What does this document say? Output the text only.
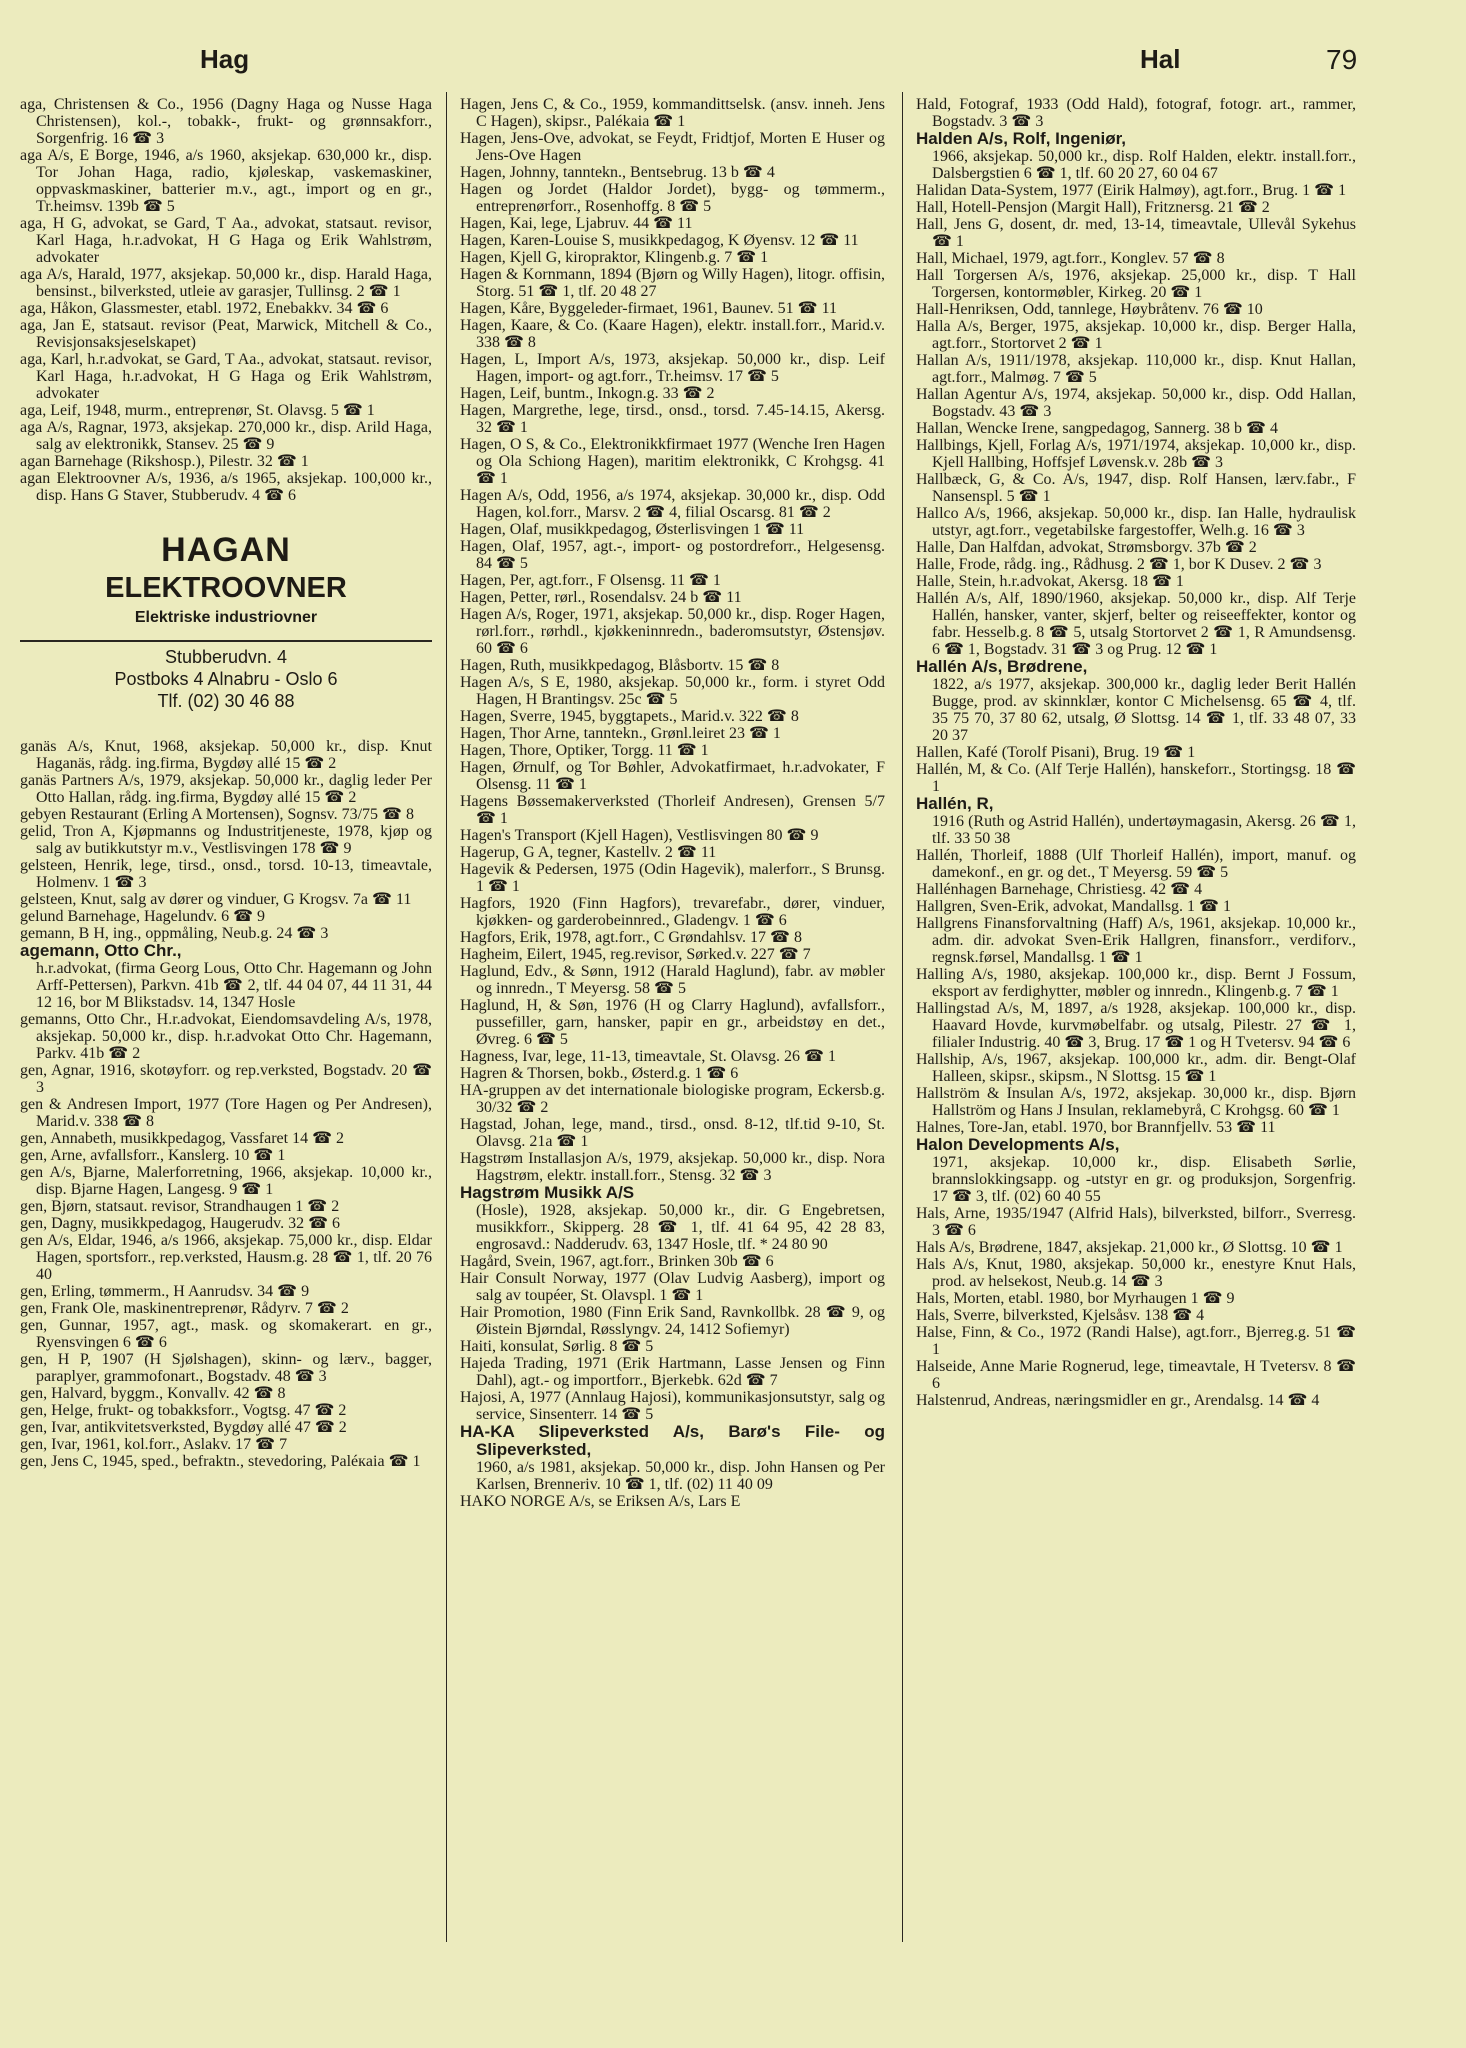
Hag	Hal	79
aga, Christensen & Co., 1956 (Dagny Haga og Nusse Haga Christensen), kol.-, tobakk-, frukt- og grønnsakforr., Sorgenfrig. 16 ☎ 3
aga A/s, E Borge, 1946, a/s 1960, aksjekap. 630,000 kr., disp. Tor Johan Haga, radio, kjøleskap, vaskemaskiner, oppvaskmaskiner, batterier m.v., agt., import og en gr., Tr.heimsv. 139b ☎ 5
aga, H G, advokat, se Gard, T Aa., advokat, statsaut. revisor, Karl Haga, h.r.advokat, H G Haga og Erik Wahlstrøm, advokater
aga A/s, Harald, 1977, aksjekap. 50,000 kr., disp. Harald Haga, bensinst., bilverksted, utleie av garasjer, Tullinsg. 2 ☎ 1
aga, Håkon, Glassmester, etabl. 1972, Enebakkv. 34 ☎ 6
aga, Jan E, statsaut. revisor (Peat, Marwick, Mitchell & Co., Revisjonsaksjeselskapet)
aga, Karl, h.r.advokat, se Gard, T Aa., advokat, statsaut. revisor, Karl Haga, h.r.advokat, H G Haga og Erik Wahlstrøm, advokater
aga, Leif, 1948, murm., entreprenør, St. Olavsg. 5 ☎ 1
aga A/s, Ragnar, 1973, aksjekap. 270,000 kr., disp. Arild Haga, salg av elektronikk, Stansev. 25 ☎ 9
agan Barnehage (Rikshosp.), Pilestr. 32 ☎ 1
agan Elektroovner A/s, 1936, a/s 1965, aksjekap. 100,000 kr., disp. Hans G Staver, Stubberudv. 4 ☎ 6
HAGAN
ELEKTROOVNER
Elektriske industriovner
Stubberudvn. 4
Postboks 4 Alnabru - Oslo 6
Tlf. (02) 30 46 88
ganäs A/s, Knut, 1968, aksjekap. 50,000 kr., disp. Knut Haganäs, rådg. ing.firma, Bygdøy allé 15 ☎ 2
ganäs Partners A/s, 1979, aksjekap. 50,000 kr., daglig leder Per Otto Hallan, rådg. ing.firma, Bygdøy allé 15 ☎ 2
gebyen Restaurant (Erling A Mortensen), Sognsv. 73/75 ☎ 8
gelid, Tron A, Kjøpmanns og Industritjeneste, 1978, kjøp og salg av butikkutstyr m.v., Vestlisvingen 178 ☎ 9
gelsteen, Henrik, lege, tirsd., onsd., torsd. 10-13, timeavtale, Holmenv. 1 ☎ 3
gelsteen, Knut, salg av dører og vinduer, G Krogsv. 7a ☎ 11
gelund Barnehage, Hagelundv. 6 ☎ 9
gemann, B H, ing., oppmåling, Neub.g. 24 ☎ 3
agemann, Otto Chr.,
h.r.advokat, (firma Georg Lous, Otto Chr. Hagemann og John Arff-Pettersen), Parkvn. 41b ☎ 2, tlf. 44 04 07, 44 11 31, 44 12 16, bor M Blikstadsv. 14, 1347 Hosle
gemanns, Otto Chr., H.r.advokat, Eiendomsavdeling A/s, 1978, aksjekap. 50,000 kr., disp. h.r.advokat Otto Chr. Hagemann, Parkv. 41b ☎ 2
gen, Agnar, 1916, skotøyforr. og rep.verksted, Bogstadv. 20 ☎ 3
gen & Andresen Import, 1977 (Tore Hagen og Per Andresen), Marid.v. 338 ☎ 8
gen, Annabeth, musikkpedagog, Vassfaret 14 ☎ 2
gen, Arne, avfallsforr., Kanslerg. 10 ☎ 1
gen A/s, Bjarne, Malerforretning, 1966, aksjekap. 10,000 kr., disp. Bjarne Hagen, Langesg. 9 ☎ 1
gen, Bjørn, statsaut. revisor, Strandhaugen 1 ☎ 2
gen, Dagny, musikkpedagog, Haugerudv. 32 ☎ 6
gen A/s, Eldar, 1946, a/s 1966, aksjekap. 75,000 kr., disp. Eldar Hagen, sportsforr., rep.verksted, Hausm.g. 28 ☎ 1, tlf. 20 76 40
gen, Erling, tømmerm., H Aanrudsv. 34 ☎ 9
gen, Frank Ole, maskinentreprenør, Rådyrv. 7 ☎ 2
gen, Gunnar, 1957, agt., mask. og skomakerart. en gr., Ryensvingen 6 ☎ 6
gen, H P, 1907 (H Sjølshagen), skinn- og lærv., bagger, paraplyer, grammofonart., Bogstadv. 48 ☎ 3
gen, Halvard, byggm., Konvallv. 42 ☎ 8
gen, Helge, frukt- og tobakksforr., Vogtsg. 47 ☎ 2
gen, Ivar, antikvitetsverksted, Bygdøy allé 47 ☎ 2
gen, Ivar, 1961, kol.forr., Aslakv. 17 ☎ 7
gen, Jens C, 1945, sped., befraktn., stevedoring, Paléкaia ☎ 1
Hagen, Jens C, & Co., 1959, kommandittselsk. (ansv. inneh. Jens C Hagen), skipsr., Palékaia ☎ 1
Hagen, Jens-Ove, advokat, se Feydt, Fridtjof, Morten E Huser og Jens-Ove Hagen
Hagen, Johnny, tanntekn., Bentsebrug. 13 b ☎ 4
Hagen og Jordet (Haldor Jordet), bygg- og tømmerm., entreprenørforr., Rosenhoffg. 8 ☎ 5
Hagen, Kai, lege, Ljabruv. 44 ☎ 11
Hagen, Karen-Louise S, musikkpedagog, K Øyensv. 12 ☎ 11
Hagen, Kjell G, kiropraktor, Klingenb.g. 7 ☎ 1
Hagen & Kornmann, 1894 (Bjørn og Willy Hagen), litogr. offisin, Storg. 51 ☎ 1, tlf. 20 48 27
Hagen, Kåre, Byggeleder-firmaet, 1961, Baunev. 51 ☎ 11
Hagen, Kaare, & Co. (Kaare Hagen), elektr. install.forr., Marid.v. 338 ☎ 8
Hagen, L, Import A/s, 1973, aksjekap. 50,000 kr., disp. Leif Hagen, import- og agt.forr., Tr.heimsv. 17 ☎ 5
Hagen, Leif, buntm., Inkogn.g. 33 ☎ 2
Hagen, Margrethe, lege, tirsd., onsd., torsd. 7.45-14.15, Akersg. 32 ☎ 1
Hagen, O S, & Co., Elektronikkfirmaet 1977 (Wenche Iren Hagen og Ola Schiong Hagen), maritim elektronikk, C Krohgsg. 41 ☎ 1
Hagen A/s, Odd, 1956, a/s 1974, aksjekap. 30,000 kr., disp. Odd Hagen, kol.forr., Marsv. 2 ☎ 4, filial Oscarsg. 81 ☎ 2
Hagen, Olaf, musikkpedagog, Østerlisvingen 1 ☎ 11
Hagen, Olaf, 1957, agt.-, import- og postordreforr., Helgesensg. 84 ☎ 5
Hagen, Per, agt.forr., F Olsensg. 11 ☎ 1
Hagen, Petter, rørl., Rosendalsv. 24 b ☎ 11
Hagen A/s, Roger, 1971, aksjekap. 50,000 kr., disp. Roger Hagen, rørl.forr., rørhdl., kjøkkeninnredn., baderomsutstyr, Østensjøv. 60 ☎ 6
Hagen, Ruth, musikkpedagog, Blåsbortv. 15 ☎ 8
Hagen A/s, S E, 1980, aksjekap. 50,000 kr., form. i styret Odd Hagen, H Brantingsv. 25c ☎ 5
Hagen, Sverre, 1945, byggtapets., Marid.v. 322 ☎ 8
Hagen, Thor Arne, tanntekn., Grønl.leiret 23 ☎ 1
Hagen, Thore, Optiker, Torgg. 11 ☎ 1
Hagen, Ørnulf, og Tor Bøhler, Advokatfirmaet, h.r.advokater, F Olsensg. 11 ☎ 1
Hagens Bøssemakerverksted (Thorleif Andresen), Grensen 5/7 ☎ 1
Hagen's Transport (Kjell Hagen), Vestlisvingen 80 ☎ 9
Hagerup, G A, tegner, Kastellv. 2 ☎ 11
Hagevik & Pedersen, 1975 (Odin Hagevik), malerforr., S Brunsg. 1 ☎ 1
Hagfors, 1920 (Finn Hagfors), trevarefabr., dører, vinduer, kjøkken- og garderobeinnred., Gladengv. 1 ☎ 6
Hagfors, Erik, 1978, agt.forr., C Grøndahlsv. 17 ☎ 8
Hagheim, Eilert, 1945, reg.revisor, Sørked.v. 227 ☎ 7
Haglund, Edv., & Sønn, 1912 (Harald Haglund), fabr. av møbler og innredn., T Meyersg. 58 ☎ 5
Haglund, H, & Søn, 1976 (H og Clarry Haglund), avfallsforr., pussefiller, garn, hansker, papir en gr., arbeidstøy en det., Øvreg. 6 ☎ 5
Hagness, Ivar, lege, 11-13, timeavtale, St. Olavsg. 26 ☎ 1
Hagren & Thorsen, bokb., Østerd.g. 1 ☎ 6
HA-gruppen av det internationale biologiske program, Eckersb.g. 30/32 ☎ 2
Hagstad, Johan, lege, mand., tirsd., onsd. 8-12, tlf.tid 9-10, St. Olavsg. 21a ☎ 1
Hagstrøm Installasjon A/s, 1979, aksjekap. 50,000 kr., disp. Nora Hagstrøm, elektr. install.forr., Stensg. 32 ☎ 3
Hagstrøm Musikk A/S
(Hosle), 1928, aksjekap. 50,000 kr., dir. G Engebretsen, musikkforr., Skipperg. 28 ☎ 1, tlf. 41 64 95, 42 28 83, engrosavd.: Nadderudv. 63, 1347 Hosle, tlf. * 24 80 90
Hagård, Svein, 1967, agt.forr., Brinken 30b ☎ 6
Hair Consult Norway, 1977 (Olav Ludvig Aasberg), import og salg av toupéer, St. Olavspl. 1 ☎ 1
Hair Promotion, 1980 (Finn Erik Sand, Ravnkollbk. 28 ☎ 9, og Øistein Bjørndal, Røsslyngv. 24, 1412 Sofiemyr)
Haiti, konsulat, Sørlig. 8 ☎ 5
Hajeda Trading, 1971 (Erik Hartmann, Lasse Jensen og Finn Dahl), agt.- og importforr., Bjerkebk. 62d ☎ 7
Hajosi, A, 1977 (Annlaug Hajosi), kommunikasjonsutstyr, salg og service, Sinsenterr. 14 ☎ 5
HA-KA Slipeverksted A/s, Barø's File- og Slipeverksted,
1960, a/s 1981, aksjekap. 50,000 kr., disp. John Hansen og Per Karlsen, Brenneriv. 10 ☎ 1, tlf. (02) 11 40 09
HAKO NORGE A/s, se Eriksen A/s, Lars E
Hald, Fotograf, 1933 (Odd Hald), fotograf, fotogr. art., rammer, Bogstadv. 3 ☎ 3
Halden A/s, Rolf, Ingeniør,
1966, aksjekap. 50,000 kr., disp. Rolf Halden, elektr. install.forr., Dalsbergstien 6 ☎ 1, tlf. 60 20 27, 60 04 67
Halidan Data-System, 1977 (Eirik Halmøy), agt.forr., Brug. 1 ☎ 1
Hall, Hotell-Pensjon (Margit Hall), Fritznersg. 21 ☎ 2
Hall, Jens G, dosent, dr. med, 13-14, timeavtale, Ullevål Sykehus ☎ 1
Hall, Michael, 1979, agt.forr., Konglev. 57 ☎ 8
Hall Torgersen A/s, 1976, aksjekap. 25,000 kr., disp. T Hall Torgersen, kontormøbler, Kirkeg. 20 ☎ 1
Hall-Henriksen, Odd, tannlege, Høybråtenv. 76 ☎ 10
Halla A/s, Berger, 1975, aksjekap. 10,000 kr., disp. Berger Halla, agt.forr., Stortorvet 2 ☎ 1
Hallan A/s, 1911/1978, aksjekap. 110,000 kr., disp. Knut Hallan, agt.forr., Malmøg. 7 ☎ 5
Hallan Agentur A/s, 1974, aksjekap. 50,000 kr., disp. Odd Hallan, Bogstadv. 43 ☎ 3
Hallan, Wencke Irene, sangpedagog, Sannerg. 38 b ☎ 4
Hallbings, Kjell, Forlag A/s, 1971/1974, aksjekap. 10,000 kr., disp. Kjell Hallbing, Hoffsjef Løvensk.v. 28b ☎ 3
Hallbæck, G, & Co. A/s, 1947, disp. Rolf Hansen, lærv.fabr., F Nansenspl. 5 ☎ 1
Hallco A/s, 1966, aksjekap. 50,000 kr., disp. Ian Halle, hydraulisk utstyr, agt.forr., vegetabilske fargestoffer, Welh.g. 16 ☎ 3
Halle, Dan Halfdan, advokat, Strømsborgv. 37b ☎ 2
Halle, Frode, rådg. ing., Rådhusg. 2 ☎ 1, bor K Dusev. 2 ☎ 3
Halle, Stein, h.r.advokat, Akersg. 18 ☎ 1
Hallén A/s, Alf, 1890/1960, aksjekap. 50,000 kr., disp. Alf Terje Hallén, hansker, vanter, skjerf, belter og reiseeffekter, kontor og fabr. Hesselb.g. 8 ☎ 5, utsalg Stortorvet 2 ☎ 1, R Amundsensg. 6 ☎ 1, Bogstadv. 31 ☎ 3 og Prug. 12 ☎ 1
Hallén A/s, Brødrene,
1822, a/s 1977, aksjekap. 300,000 kr., daglig leder Berit Hallén Bugge, prod. av skinnklær, kontor C Michelsensg. 65 ☎ 4, tlf. 35 75 70, 37 80 62, utsalg, Ø Slottsg. 14 ☎ 1, tlf. 33 48 07, 33 20 37
Hallen, Kafé (Torolf Pisani), Brug. 19 ☎ 1
Hallén, M, & Co. (Alf Terje Hallén), hanskeforr., Stortingsg. 18 ☎ 1
Hallén, R,
1916 (Ruth og Astrid Hallén), undertøymagasin, Akersg. 26 ☎ 1, tlf. 33 50 38
Hallén, Thorleif, 1888 (Ulf Thorleif Hallén), import, manuf. og damekonf., en gr. og det., T Meyersg. 59 ☎ 5
Hallénhagen Barnehage, Christiesg. 42 ☎ 4
Hallgren, Sven-Erik, advokat, Mandallsg. 1 ☎ 1
Hallgrens Finansforvaltning (Haff) A/s, 1961, aksjekap. 10,000 kr., adm. dir. advokat Sven-Erik Hallgren, finansforr., verdiforv., regnsk.førsel, Mandallsg. 1 ☎ 1
Halling A/s, 1980, aksjekap. 100,000 kr., disp. Bernt J Fossum, eksport av ferdighytter, møbler og innredn., Klingenb.g. 7 ☎ 1
Hallingstad A/s, M, 1897, a/s 1928, aksjekap. 100,000 kr., disp. Haavard Hovde, kurvmøbelfabr. og utsalg, Pilestr. 27 ☎ 1, filialer Industrig. 40 ☎ 3, Brug. 17 ☎ 1 og H Tvetersv. 94 ☎ 6
Hallship, A/s, 1967, aksjekap. 100,000 kr., adm. dir. Bengt-Olaf Halleen, skipsr., skipsm., N Slottsg. 15 ☎ 1
Hallström & Insulan A/s, 1972, aksjekap. 30,000 kr., disp. Bjørn Hallström og Hans J Insulan, reklamebyrå, C Krohgsg. 60 ☎ 1
Halnes, Tore-Jan, etabl. 1970, bor Brannfjellv. 53 ☎ 11
Halon Developments A/s,
1971, aksjekap. 10,000 kr., disp. Elisabeth Sørlie, brannslokkingsapp. og -utstyr en gr. og produksjon, Sorgenfrig. 17 ☎ 3, tlf. (02) 60 40 55
Hals, Arne, 1935/1947 (Alfrid Hals), bilverksted, bilforr., Sverresg. 3 ☎ 6
Hals A/s, Brødrene, 1847, aksjekap. 21,000 kr., Ø Slottsg. 10 ☎ 1
Hals A/s, Knut, 1980, aksjekap. 50,000 kr., enestyre Knut Hals, prod. av helsekost, Neub.g. 14 ☎ 3
Hals, Morten, etabl. 1980, bor Myrhaugen 1 ☎ 9
Hals, Sverre, bilverksted, Kjelsåsv. 138 ☎ 4
Halse, Finn, & Co., 1972 (Randi Halse), agt.forr., Bjerreg.g. 51 ☎ 1
Halseide, Anne Marie Rognerud, lege, timeavtale, H Tvetersv. 8 ☎ 6
Halstenrud, Andreas, næringsmidler en gr., Arendalsg. 14 ☎ 4
